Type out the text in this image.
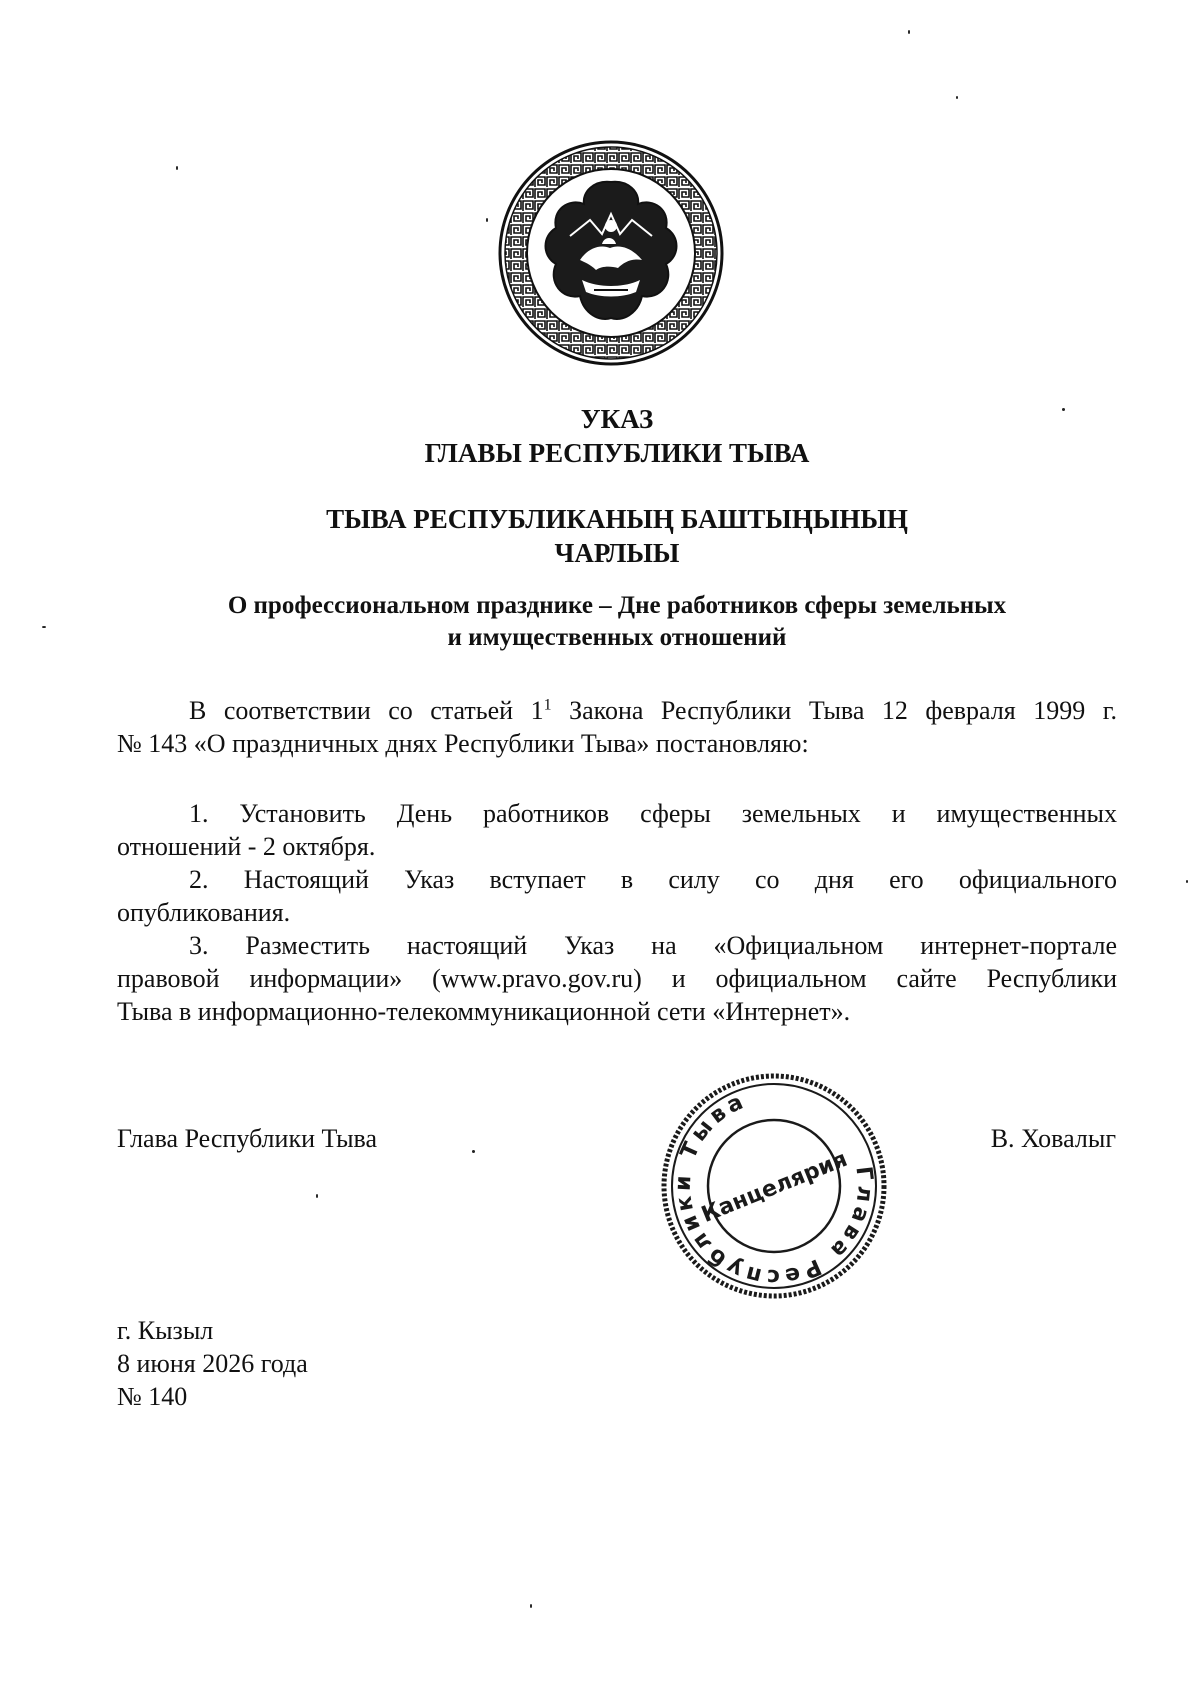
УКАЗ
ГЛАВЫ РЕСПУБЛИКИ ТЫВА
ТЫВА РЕСПУБЛИКАНЫҢ БАШТЫҢЫНЫҢ
ЧАРЛЫЫ
О профессиональном празднике – Дне работников сферы земельных
и имущественных отношений
В соответствии со статьей $1^1$ Закона Республики Тыва 12 февраля 1999 г.
№ 143 «О праздничных днях Республики Тыва» постановляю:
1. Установить День работников сферы земельных и имущественных
отношений - 2 октября.
2. Настоящий Указ вступает в силу со дня его официального
опубликования.
3. Разместить настоящий Указ на «Официальном интернет-портале
правовой информации» (www.pravo.gov.ru) и официальном сайте Республики
Тыва в информационно-телекоммуникационной сети «Интернет».
Глава Республики Тыва	В. Ховалыг
Глава Республики Тыва
Канцелярия
г. Кызыл
8 июня 2026 года
№ 140
